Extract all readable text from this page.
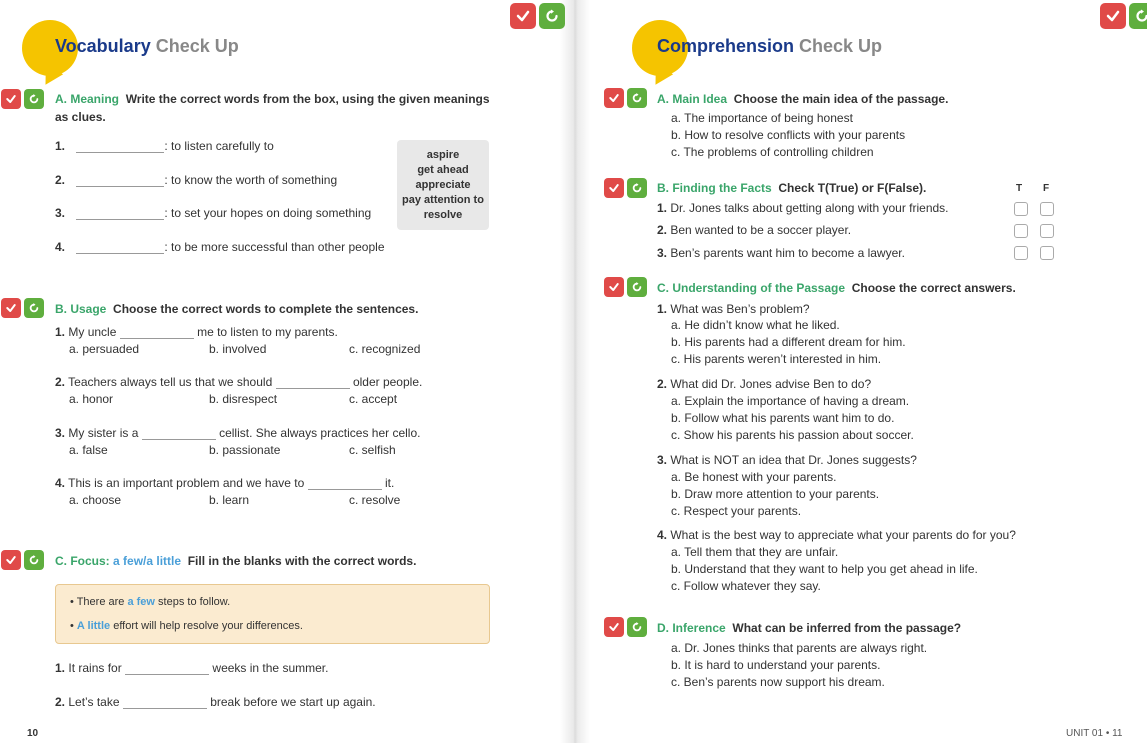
Vocabulary Check Up
A. Meaning Write the correct words from the box, using the given meanings
as clues.
1.	: to listen carefully to
2.	: to know the worth of something
3.	: to set your hopes on doing something
4.	: to be more successful than other people
aspire
get ahead
appreciate
pay attention to
resolve
B. Usage Choose the correct words to complete the sentences.
1. My uncle	me to listen to my parents.
a. persuaded	b. involved	c. recognized
2. Teachers always tell us that we should	older people.
a. honor	b. disrespect	c. accept
3. My sister is a	cellist. She always practices her cello.
a. false	b. passionate	c. selfish
4. This is an important problem and we have to	it.
a. choose	b. learn	c. resolve
C. Focus: a few/a little Fill in the blanks with the correct words.
• There are a few steps to follow.
• A little effort will help resolve your differences.
1. It rains for	weeks in the summer.
2. Let’s take	break before we start up again.
10
Comprehension Check Up
A. Main Idea Choose the main idea of the passage.
a. The importance of being honest
b. How to resolve conflicts with your parents
c. The problems of controlling children
B. Finding the Facts Check T(True) or F(False).	T F
1. Dr. Jones talks about getting along with your friends.
2. Ben wanted to be a soccer player.
3. Ben’s parents want him to become a lawyer.
C. Understanding of the Passage Choose the correct answers.
1. What was Ben’s problem?
a. He didn’t know what he liked.
b. His parents had a different dream for him.
c. His parents weren’t interested in him.
2. What did Dr. Jones advise Ben to do?
a. Explain the importance of having a dream.
b. Follow what his parents want him to do.
c. Show his parents his passion about soccer.
3. What is NOT an idea that Dr. Jones suggests?
a. Be honest with your parents.
b. Draw more attention to your parents.
c. Respect your parents.
4. What is the best way to appreciate what your parents do for you?
a. Tell them that they are unfair.
b. Understand that they want to help you get ahead in life.
c. Follow whatever they say.
D. Inference What can be inferred from the passage?
a. Dr. Jones thinks that parents are always right.
b. It is hard to understand your parents.
c. Ben’s parents now support his dream.
UNIT 01 • 11
